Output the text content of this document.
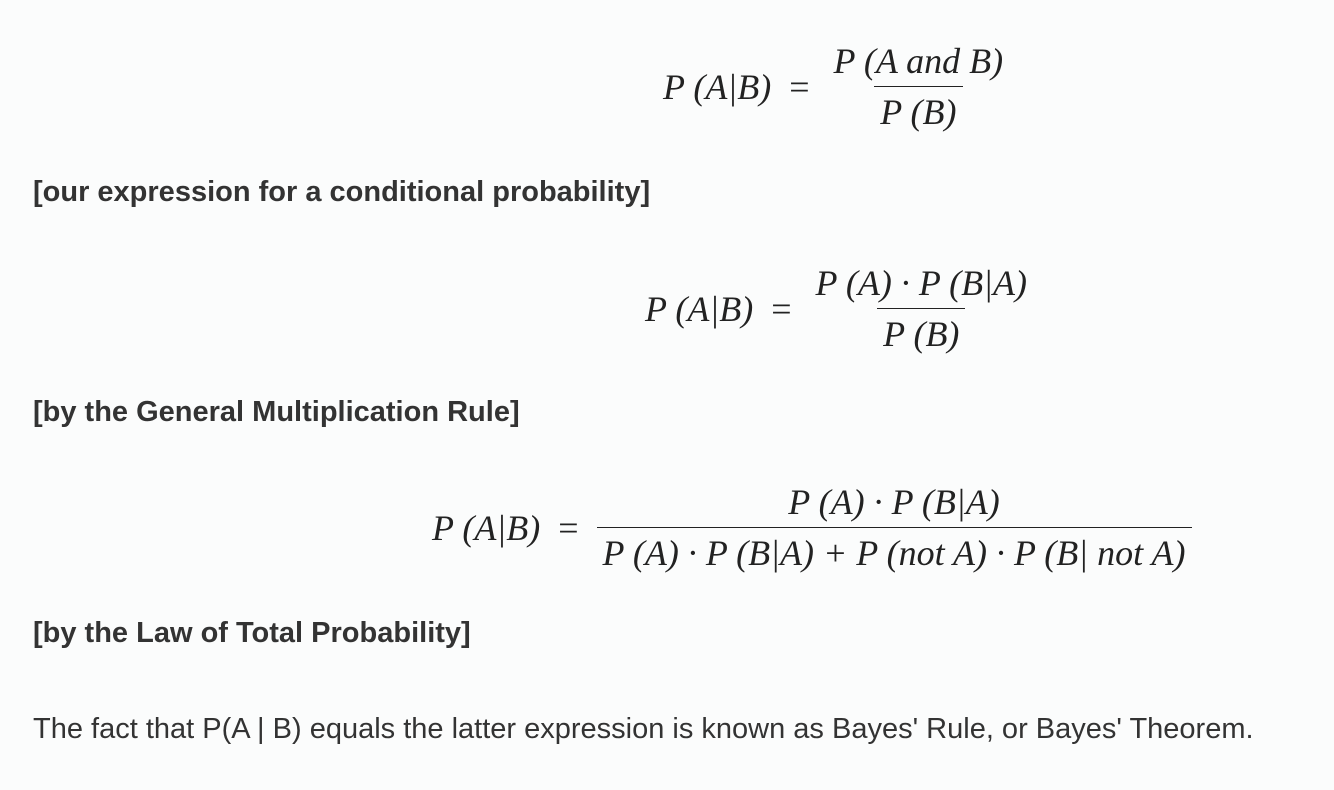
P $(A|B) = \frac{\text{P (A and B)}}{P (B)}$
[our expression for a conditional probability]
P $(A|B) = \frac{P (A) \cdot P (B|A)}{P (B)}$
[by the General Multiplication Rule]
P $(A|B) = \frac{P (A) \cdot P (B|A)}{\text{P (A) · P (B|A) + P (not A) · P (B| not A)}}$
[by the Law of Total Probability]
The fact that P(A | B) equals the latter expression is known as Bayes' Rule, or Bayes' Theorem.
